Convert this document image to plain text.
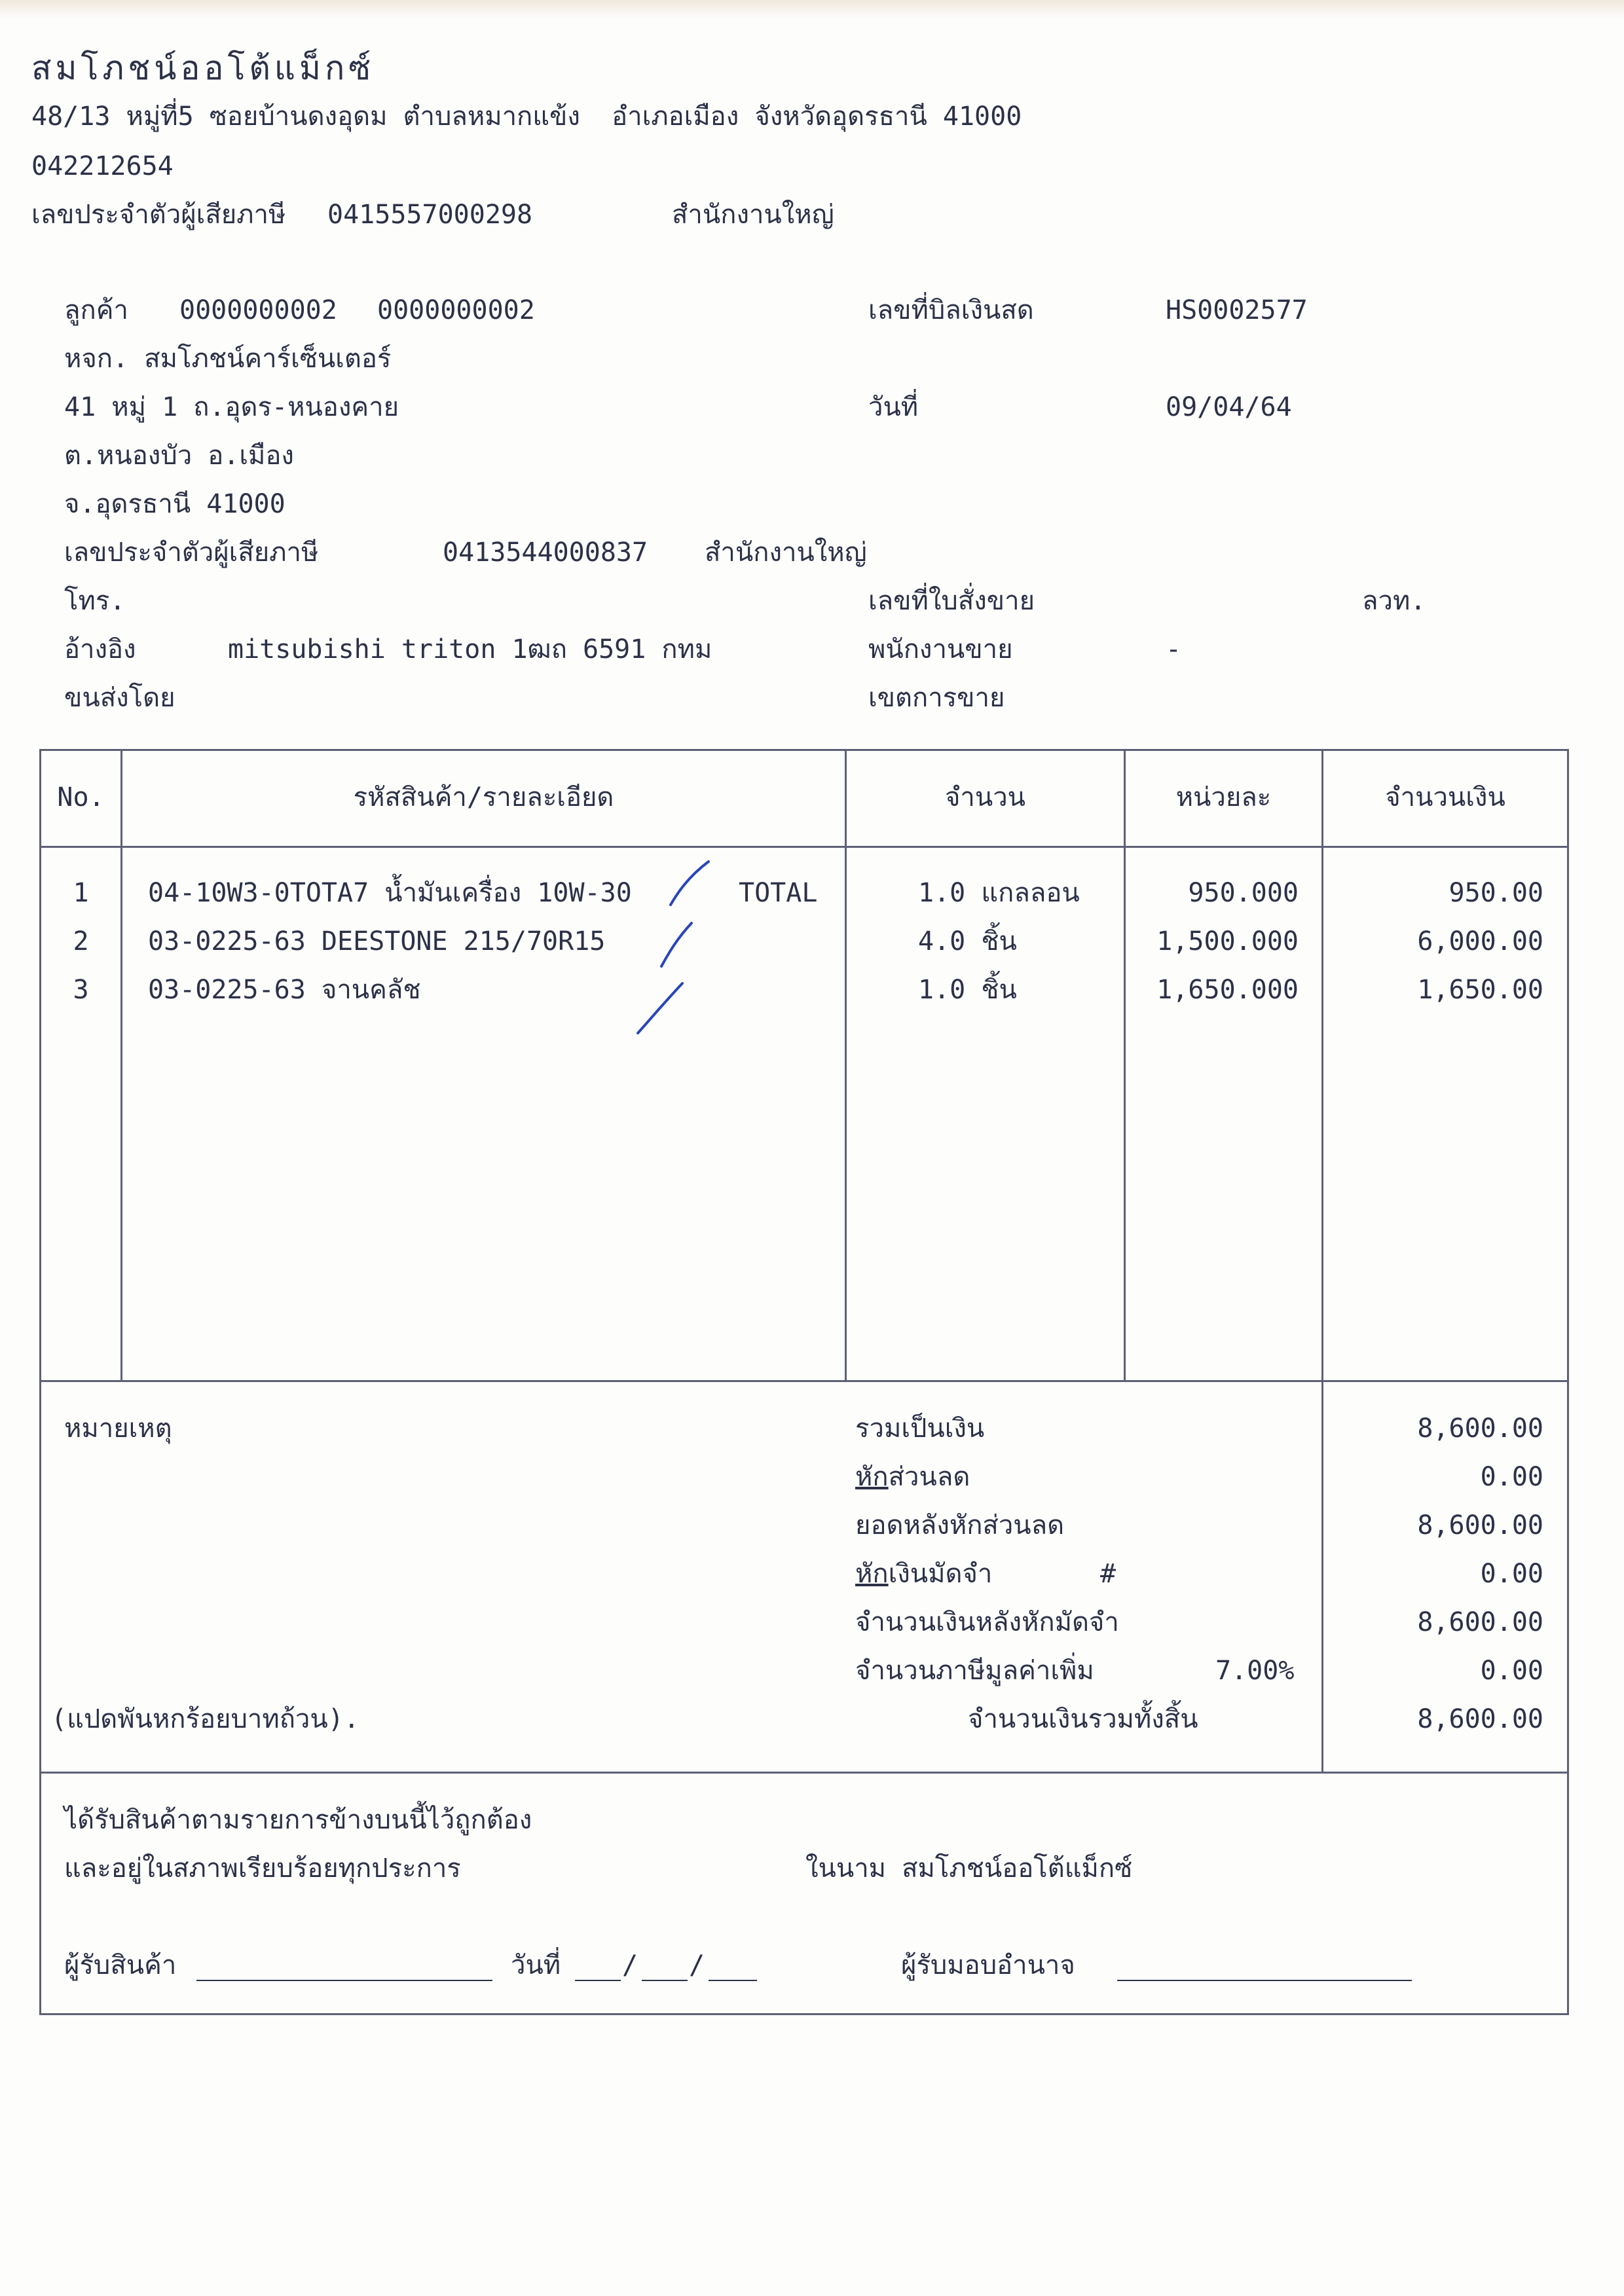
สมโภชน์ออโต้แม็กซ์
48/13 หมู่ที่5 ซอยบ้านดงอุดม ตำบลหมากแข้ง  อำเภอเมือง จังหวัดอุดรธานี 41000
042212654
เลขประจำตัวผู้เสียภาษี 0415557000298	สำนักงานใหญ่
ลูกค้า 0000000002 0000000002
หจก. สมโภชน์คาร์เซ็นเตอร์
41 หมู่ 1 ถ.อุดร-หนองคาย
ต.หนองบัว อ.เมือง
จ.อุดรธานี 41000
เลขประจำตัวผู้เสียภาษี	0413544000837 สำนักงานใหญ่
โทร.
อ้างอิง	mitsubishi triton 1ฒถ 6591 กทม
ขนส่งโดย
เลขที่บิลเงินสด	HS0002577
วันที่	09/04/64
เลขที่ใบสั่งขาย	ลวท.
พนักงานขาย	-
เขตการขาย
No.	รหัสสินค้า/รายละเอียด	จำนวน	หน่วยละ	จำนวนเงิน
1	04-10W3-0TOTA7 น้ำมันเครื่อง 10W-30	TOTAL	1.0 แกลลอน	950.000	950.00
2	03-0225-63 DEESTONE 215/70R15	4.0 ชิ้น	1,500.000	6,000.00
3	03-0225-63 จานคลัช	1.0 ชิ้น	1,650.000	1,650.00
หมายเหตุ
(แปดพันหกร้อยบาทถ้วน).
รวมเป็นเงิน	8,600.00
หักส่วนลด	0.00
ยอดหลังหักส่วนลด	8,600.00
หักเงินมัดจำ	#	0.00
จำนวนเงินหลังหักมัดจำ	8,600.00
จำนวนภาษีมูลค่าเพิ่ม	7.00%	0.00
จำนวนเงินรวมทั้งสิ้น	8,600.00
ได้รับสินค้าตามรายการข้างบนนี้ไว้ถูกต้อง
และอยู่ในสภาพเรียบร้อยทุกประการ	ในนาม สมโภชน์ออโต้แม็กซ์
ผู้รับสินค้า	วันที่ / /	ผู้รับมอบอำนาจ
